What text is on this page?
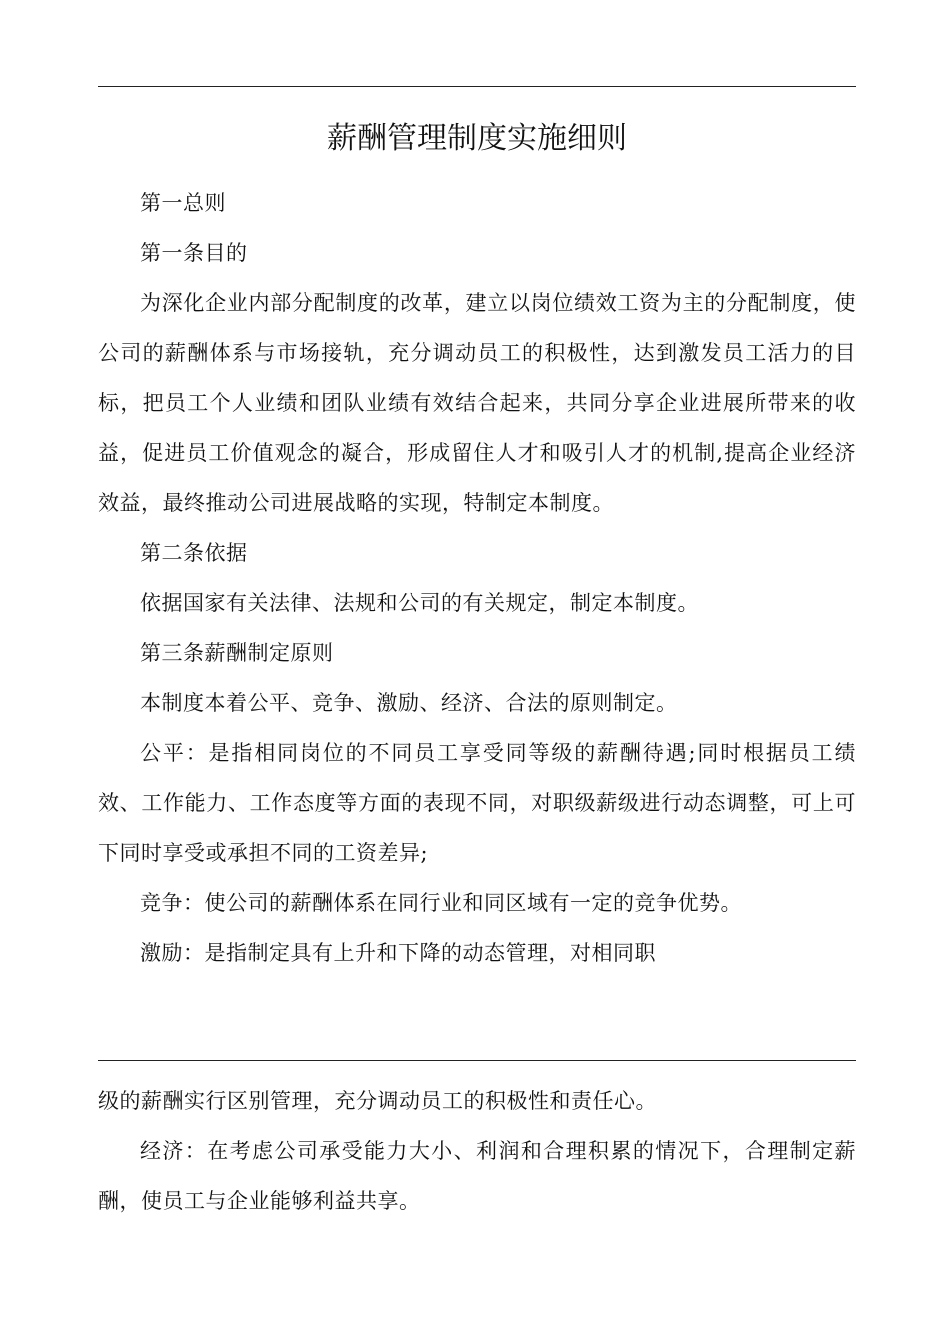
薪酬管理制度实施细则

第一总则

第一条目的

为深化企业内部分配制度的改革，建立以岗位绩效工资为主的分配制度，使公司的薪酬体系与市场接轨，充分调动员工的积极性，达到激发员工活力的目标，把员工个人业绩和团队业绩有效结合起来，共同分享企业进展所带来的收益，促进员工价值观念的凝合，形成留住人才和吸引人才的机制,提高企业经济效益，最终推动公司进展战略的实现，特制定本制度。

第二条依据

依据国家有关法律、法规和公司的有关规定，制定本制度。

第三条薪酬制定原则

本制度本着公平、竞争、激励、经济、合法的原则制定。

公平：是指相同岗位的不同员工享受同等级的薪酬待遇;同时根据员工绩效、工作能力、工作态度等方面的表现不同，对职级薪级进行动态调整，可上可下同时享受或承担不同的工资差异;

竞争：使公司的薪酬体系在同行业和同区域有一定的竞争优势。

激励：是指制定具有上升和下降的动态管理，对相同职

级的薪酬实行区别管理，充分调动员工的积极性和责任心。

经济：在考虑公司承受能力大小、利润和合理积累的情况下，合理制定薪酬，使员工与企业能够利益共享。
